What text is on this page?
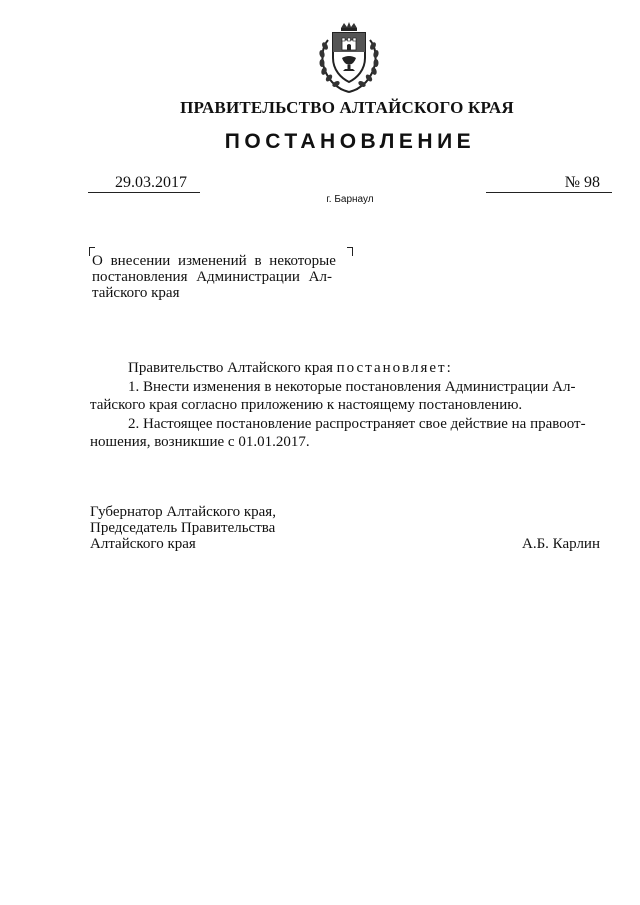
ПРАВИТЕЛЬСТВО АЛТАЙСКОГО КРАЯ
ПОСТАНОВЛЕНИЕ
29.03.2017	№ 98
г. Барнаул
О внесении изменений в некоторые
постановления Администрации Ал-
тайского края
Правительство Алтайского края постановляет:
1. Внести изменения в некоторые постановления Администрации Ал-
тайского края согласно приложению к настоящему постановлению.
2. Настоящее постановление распространяет свое действие на правоот-
ношения, возникшие с 01.01.2017.
Губернатор Алтайского края,
Председатель Правительства
Алтайского края	А.Б. Карлин
